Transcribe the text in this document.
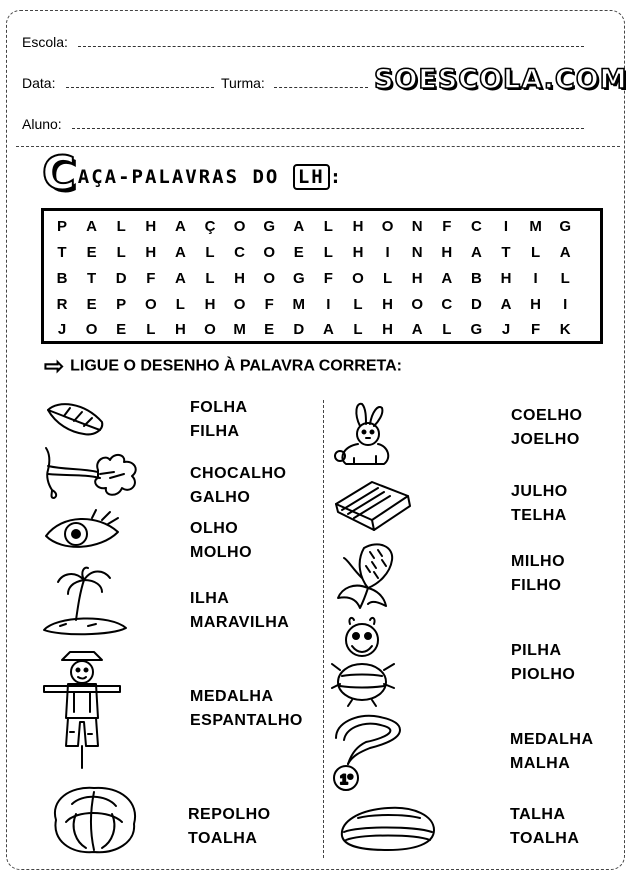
Escola:
Data:	Turma:	SOESCOLA.COM
Aluno:
C AÇA-PALAVRAS DO LH :
P	A	L	H	A	Ç	O G	A	L	H	O	N	F	C	I	M G
T	E	L	H	A	L	C	O	E	L	H	I	N	H	A	T	L	A
B	T	D	F	A	L	H	O G	F	O	L	H	A	B	H	I	L
R	E	P	O	L	H	O	F	M	I	L	H	O	C	D	A	H	I
J	O	E	L	H	O M	E	D	A	L	H	A	L	G	J	F	K
⇨ LIGUE O DESENHO À PALAVRA CORRETA:
FOLHA
FILHA
CHOCALHO
GALHO
OLHO
MOLHO
ILHA
MARAVILHA
MEDALHA
ESPANTALHO
REPOLHO
TOALHA
1º
COELHO
JOELHO
JULHO
TELHA
MILHO
FILHO
PILHA
PIOLHO
MEDALHA
MALHA
TALHA
TOALHA
